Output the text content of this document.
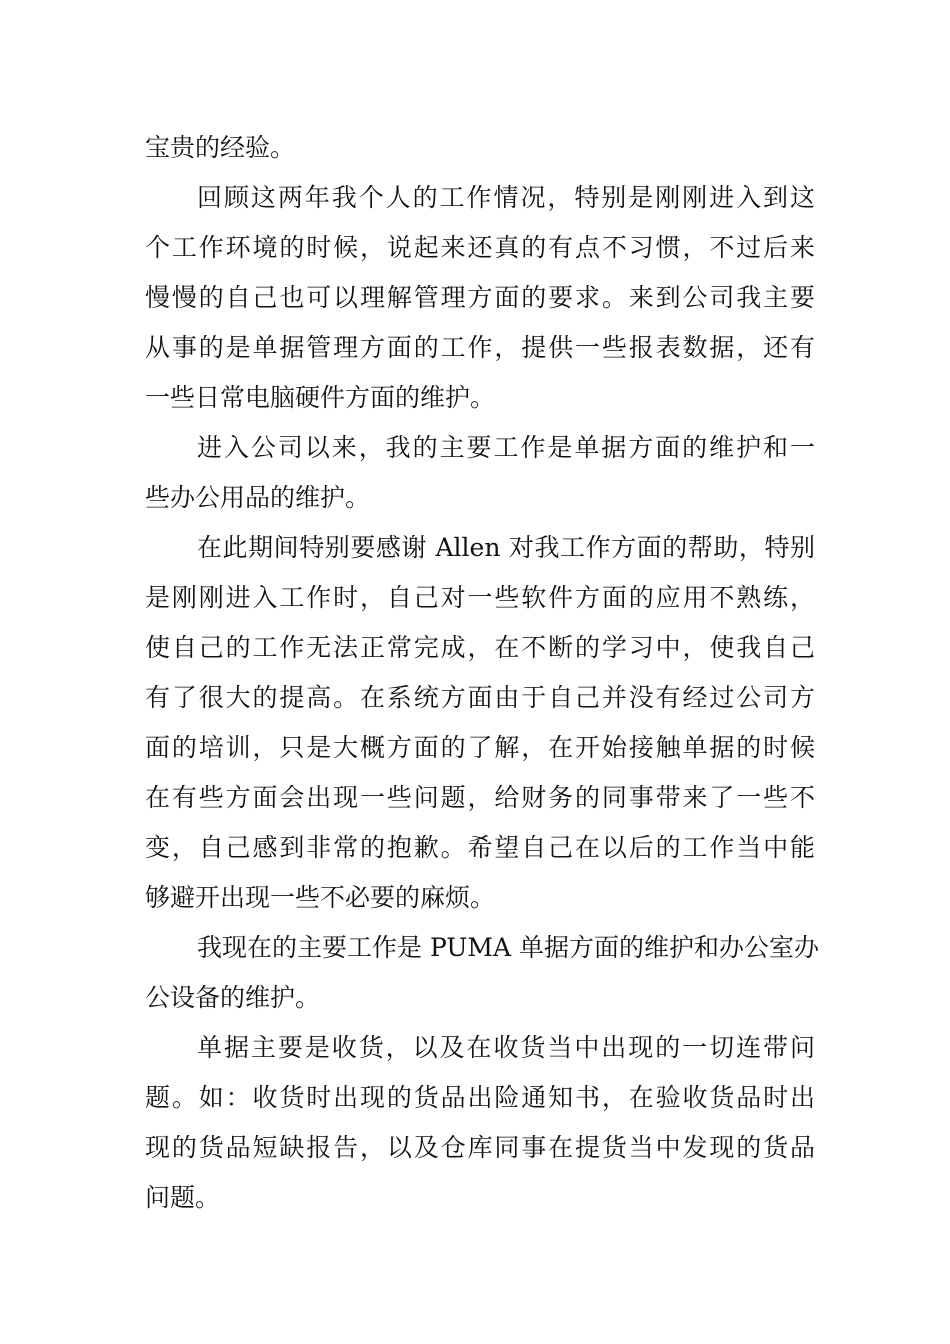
宝贵的经验。

回顾这两年我个人的工作情况，特别是刚刚进入到这

个工作环境的时候，说起来还真的有点不习惯，不过后来

慢慢的自己也可以理解管理方面的要求。来到公司我主要

从事的是单据管理方面的工作，提供一些报表数据，还有

一些日常电脑硬件方面的维护。

进入公司以来，我的主要工作是单据方面的维护和一

些办公用品的维护。

在此期间特别要感谢 Allen 对我工作方面的帮助，特别

是刚刚进入工作时，自己对一些软件方面的应用不熟练，

使自己的工作无法正常完成，在不断的学习中，使我自己

有了很大的提高。在系统方面由于自己并没有经过公司方

面的培训，只是大概方面的了解，在开始接触单据的时候

在有些方面会出现一些问题，给财务的同事带来了一些不

变，自己感到非常的抱歉。希望自己在以后的工作当中能

够避开出现一些不必要的麻烦。

我现在的主要工作是 PUMA 单据方面的维护和办公室办

公设备的维护。

单据主要是收货，以及在收货当中出现的一切连带问

题。如：收货时出现的货品出险通知书，在验收货品时出

现的货品短缺报告，以及仓库同事在提货当中发现的货品

问题。
